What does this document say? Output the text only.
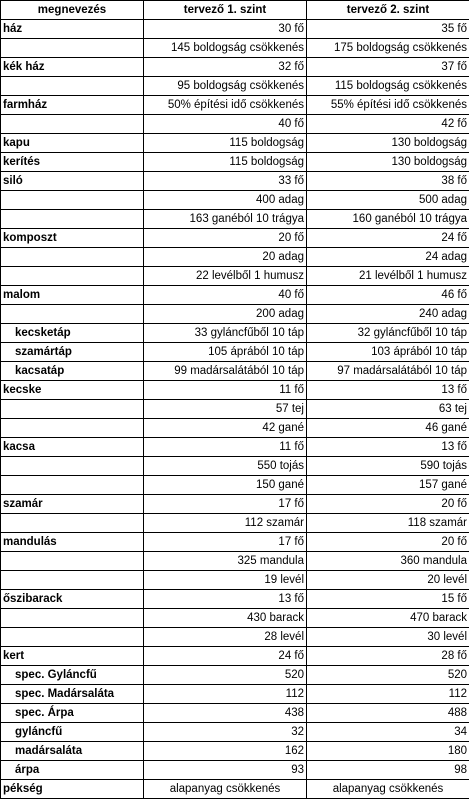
megnevezés	tervező 1. szint	tervező 2. szint
ház	30 fő	35 fő
	145 boldogság csökkenés	175 boldogság csökkenés
kék ház	32 fő	37 fő
	95 boldogság csökkenés	115 boldogság csökkenés
farmház	50% építési idő csökkenés	55% építési idő csökkenés
	40 fő	42 fő
kapu	115 boldogság	130 boldogság
kerítés	115 boldogság	130 boldogság
siló	33 fő	38 fő
	400 adag	500 adag
	163 ganéból 10 trágya	160 ganéból 10 trágya
komposzt	20 fő	24 fő
	20 adag	24 adag
	22 levélből 1 humusz	21 levélből 1 humusz
malom	40 fő	46 fő
	200 adag	240 adag
kecsketáp	33 gyláncfűből 10 táp	32 gyláncfűből 10 táp
szamártáp	105 áprából 10 táp	103 áprából 10 táp
kacsatáp	99 madársalátából 10 táp	97 madársalátából 10 táp
kecske	11 fő	13 fő
	57 tej	63 tej
	42 gané	46 gané
kacsa	11 fő	13 fő
	550 tojás	590 tojás
	150 gané	157 gané
szamár	17 fő	20 fő
	112 szamár	118 szamár
mandulás	17 fő	20 fő
	325 mandula	360 mandula
	19 levél	20 levél
őszibarack	13 fő	15 fő
	430 barack	470 barack
	28 levél	30 levél
kert	24 fő	28 fő
spec. Gyláncfű	520	520
spec. Madársaláta	112	112
spec. Árpa	438	488
gyláncfű	32	34
madársaláta	162	180
árpa	93	98
pékség	alapanyag csökkenés	alapanyag csökkenés
